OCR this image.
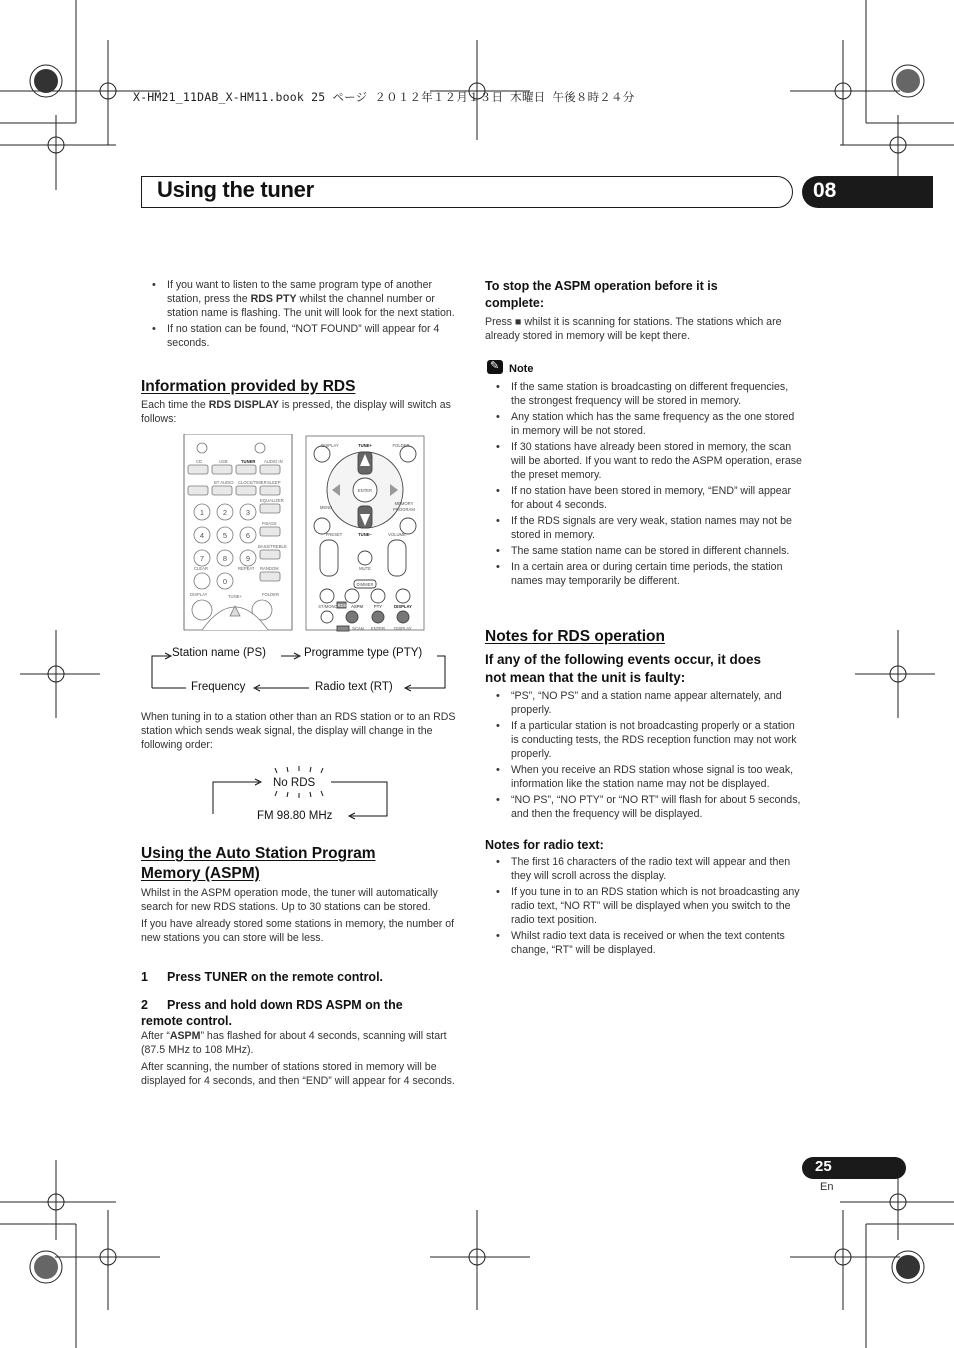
X-HM21_11DAB_X-HM11.book 25 ページ ２０１２年１２月１３日 木曜日 午後８時２４分
Using the tuner	08
• If you want to listen to the same program type of another station, press the RDS PTY whilst the channel number or station name is flashing. The unit will look for the next station.
• If no station can be found, “NOT FOUND” will appear for 4 seconds.
Information provided by RDS
Each time the RDS DISPLAY is pressed, the display will switch as follows:
CD	USB	TUNER AUDIO IN
BT AUDIO CLOCK/TIMER SLEEP
EQUALIZER
P.BASS
BASS/TREBLE
CLEAR	REPEAT RANDOM
DISPLAY	TUNE+	FOLDER
1	2	3
4	5	6
7	8	9
0
DISPLAY	TUNE+	FOLDER
ENTER
MENU
MEMORY
PROGRAM
PRESET	TUNE–	VOLUME
MUTE
DIMMER
ST/MONO RDS ASPM	PTY	DISPLAY
SCAN ENTER DISPLAY
Station name (PS)	Programme type (PTY)
Frequency	Radio text (RT)
When tuning in to a station other than an RDS station or to an RDS station which sends weak signal, the display will change in the following order:
No RDS
FM 98.80 MHz
Using the Auto Station Program
Memory (ASPM)

Whilst in the ASPM operation mode, the tuner will automatically search for new RDS stations. Up to 30 stations can be stored.

If you have already stored some stations in memory, the number of new stations you can store will be less.

1 Press TUNER on the remote control.
2 Press and hold down RDS ASPM on the
remote control.

After “ASPM” has flashed for about 4 seconds, scanning will start (87.5 MHz to 108 MHz).

After scanning, the number of stations stored in memory will be displayed for 4 seconds, and then “END” will appear for 4 seconds.

To stop the ASPM operation before it is
complete:
Press ■ whilst it is scanning for stations. The stations which are already stored in memory will be kept there.
✎Note
• If the same station is broadcasting on different frequencies, the strongest frequency will be stored in memory.
• Any station which has the same frequency as the one stored in memory will be not stored.
• If 30 stations have already been stored in memory, the scan will be aborted. If you want to redo the ASPM operation, erase the preset memory.
• If no station have been stored in memory, “END” will appear for about 4 seconds.
• If the RDS signals are very weak, station names may not be stored in memory.
• The same station name can be stored in different channels.
• In a certain area or during certain time periods, the station names may temporarily be different.
Notes for RDS operation
If any of the following events occur, it does
not mean that the unit is faulty:
• “PS”, “NO PS” and a station name appear alternately, and properly.
• If a particular station is not broadcasting properly or a station is conducting tests, the RDS reception function may not work properly.
• When you receive an RDS station whose signal is too weak, information like the station name may not be displayed.
• “NO PS”, “NO PTY” or “NO RT” will flash for about 5 seconds, and then the frequency will be displayed.
Notes for radio text:
• The first 16 characters of the radio text will appear and then they will scroll across the display.
• If you tune in to an RDS station which is not broadcasting any radio text, “NO RT” will be displayed when you switch to the radio text position.
• Whilst radio text data is received or when the text contents change, “RT” will be displayed.
25
En
